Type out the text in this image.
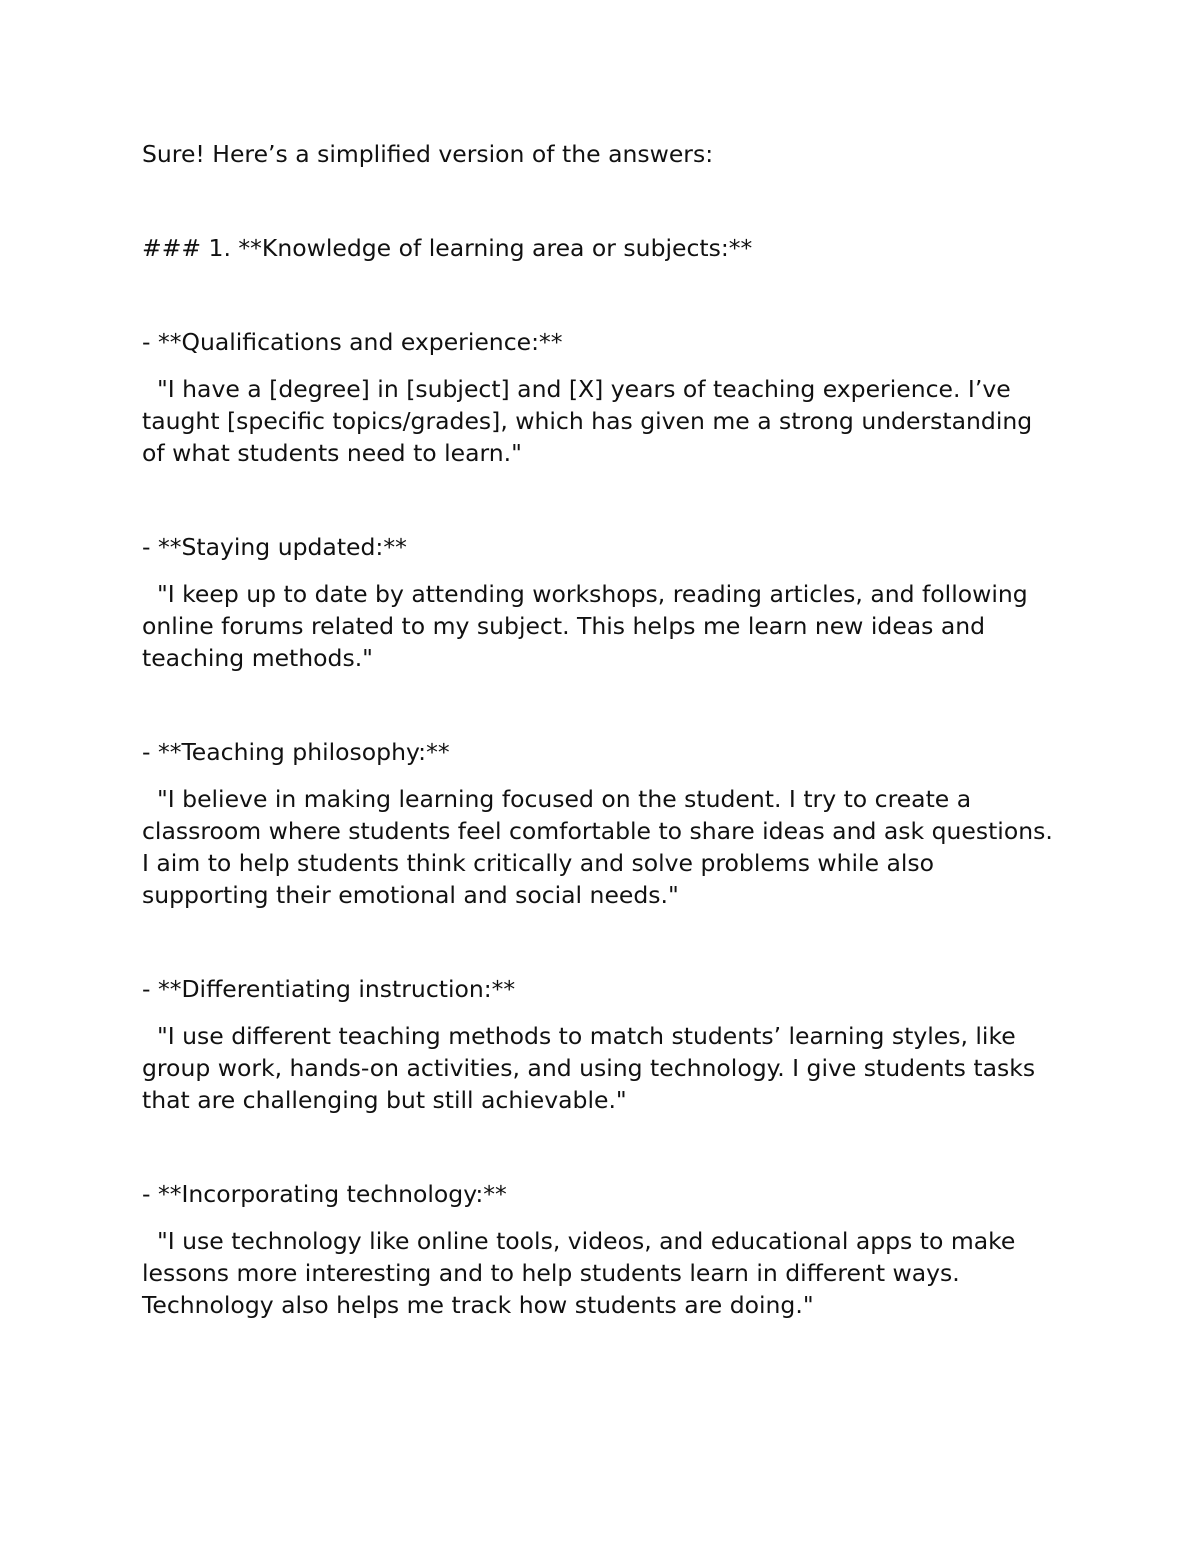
Sure! Here’s a simplified version of the answers:

### 1. **Knowledge of learning area or subjects:**

- **Qualifications and experience:**

"I have a [degree] in [subject] and [X] years of teaching experience. I’ve

taught [specific topics/grades], which has given me a strong understanding

of what students need to learn."

- **Staying updated:**

"I keep up to date by attending workshops, reading articles, and following

online forums related to my subject. This helps me learn new ideas and

teaching methods."

- **Teaching philosophy:**

"I believe in making learning focused on the student. I try to create a

classroom where students feel comfortable to share ideas and ask questions.

I aim to help students think critically and solve problems while also

supporting their emotional and social needs."

- **Differentiating instruction:**

"I use different teaching methods to match students’ learning styles, like

group work, hands-on activities, and using technology. I give students tasks

that are challenging but still achievable."

- **Incorporating technology:**

"I use technology like online tools, videos, and educational apps to make

lessons more interesting and to help students learn in different ways.

Technology also helps me track how students are doing."
